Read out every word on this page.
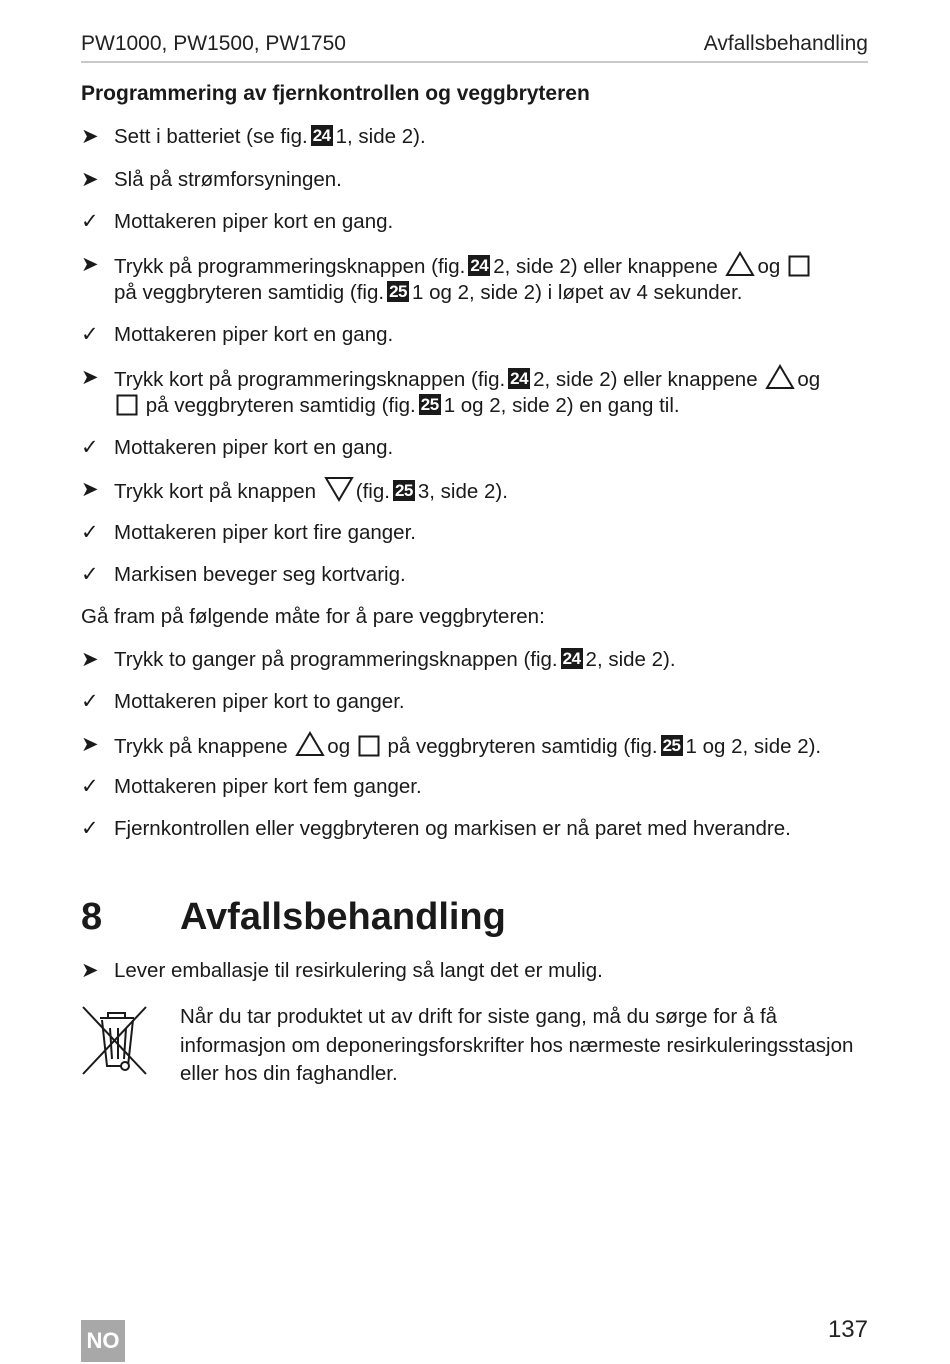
PW1000, PW1500, PW1750	Avfallsbehandling
Programmering av fjernkontrollen og veggbryteren
➤ Sett i batteriet (se fig. 24 1, side 2).
➤ Slå på strømforsyningen.
✓ Mottakeren piper kort en gang.
➤ Trykk på programmeringsknappen (fig. 24 2, side 2) eller knappene og
på veggbryteren samtidig (fig. 25 1 og 2, side 2) i løpet av 4 sekunder.
✓ Mottakeren piper kort en gang.
➤ Trykk kort på programmeringsknappen (fig. 24 2, side 2) eller knappene og
på veggbryteren samtidig (fig. 25 1 og 2, side 2) en gang til.
✓ Mottakeren piper kort en gang.
➤ Trykk kort på knappen (fig. 25 3, side 2).
✓ Mottakeren piper kort fire ganger.
✓ Markisen beveger seg kortvarig.
Gå fram på følgende måte for å pare veggbryteren:
➤ Trykk to ganger på programmeringsknappen (fig. 24 2, side 2).
✓ Mottakeren piper kort to ganger.
➤ Trykk på knappene og på veggbryteren samtidig (fig. 25 1 og 2, side 2).
✓ Mottakeren piper kort fem ganger.
✓ Fjernkontrollen eller veggbryteren og markisen er nå paret med hverandre.
8 Avfallsbehandling
➤ Lever emballasje til resirkulering så langt det er mulig.
Når du tar produktet ut av drift for siste gang, må du sørge for å få informasjon om deponeringsforskrifter hos nærmeste resirkuleringsstasjon eller hos din faghandler.
NO	137
